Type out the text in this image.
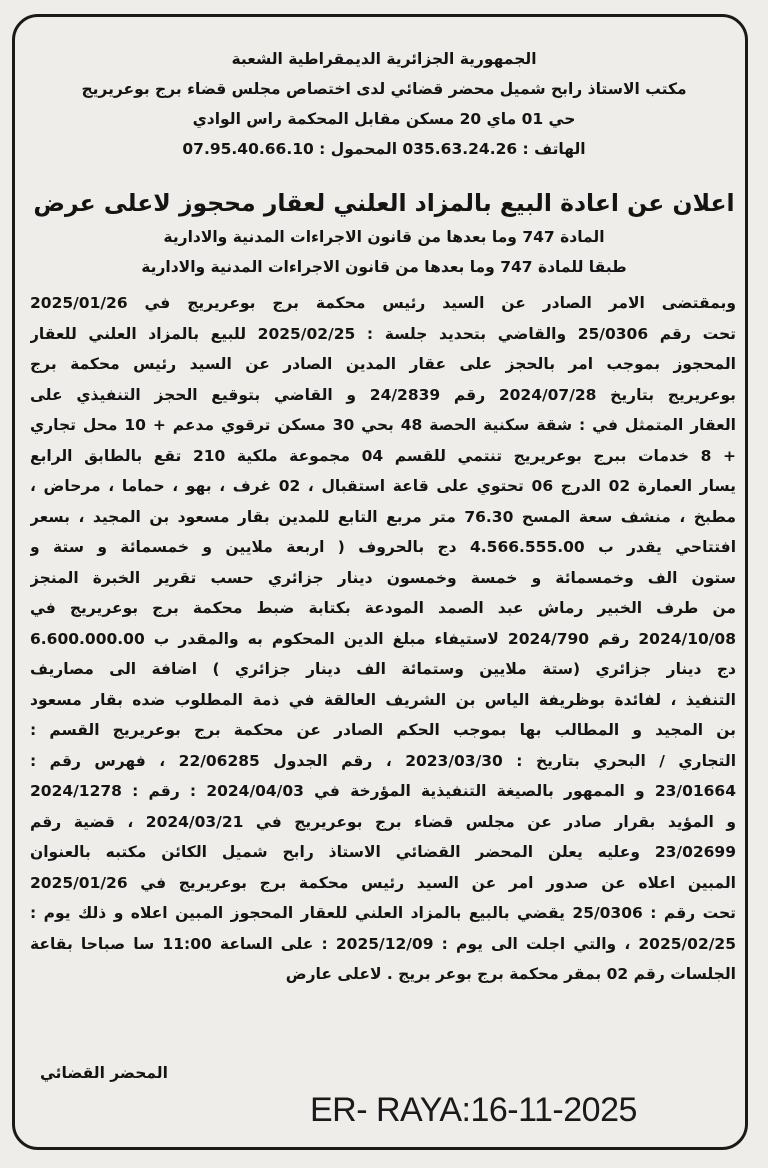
الجمهورية الجزائرية الديمقراطية الشعبة
مكتب الاستاذ رابح شميل محضر قضائي لدى اختصاص مجلس قضاء برج بوعريريج
حي 01 ماي 20 مسكن مقابل المحكمة راس الوادي
الهاتف : 035.63.24.26 المحمول : 07.95.40.66.10
اعلان عن اعادة البيع بالمزاد العلني لعقار محجوز لاعلى عرض
المادة 747 وما بعدها من قانون الاجراءات المدنية والادارية
طبقا للمادة 747 وما بعدها من قانون الاجراءات المدنية والادارية
وبمقتضى الامر الصادر عن السيد رئيس محكمة برج بوعريريج في 2025/01/26
تحت رقم 25/0306 والقاضي بتحديد جلسة : 2025/02/25 للبيع بالمزاد العلني للعقار
المحجوز بموجب امر بالحجز على عقار المدين الصادر عن السيد رئيس محكمة برج
بوعريريج بتاريخ 2024/07/28 رقم 24/2839 و القاضي بتوقيع الحجز التنفيذي على
العقار المتمثل في : شقة سكنية الحصة 48 بحي 30 مسكن ترقوي مدعم + 10 محل تجاري
+ 8 خدمات ببرج بوعريريج تنتمي للقسم 04 مجموعة ملكية 210 تقع بالطابق الرابع
يسار العمارة 02 الدرج 06 تحتوي على قاعة استقبال ، 02 غرف ، بهو ، حماما ، مرحاض ،
مطبخ ، منشف سعة المسح 76.30 متر مربع التابع للمدين بقار مسعود بن المجيد ، بسعر
افتتاحي يقدر ب 4.566.555.00 دج بالحروف ( اربعة ملايين و خمسمائة و ستة و
ستون الف وخمسمائة و خمسة وخمسون دينار جزائري حسب تقرير الخبرة المنجز
من طرف الخبير رماش عبد الصمد المودعة بكتابة ضبط محكمة برج بوعريريج في
2024/10/08 رقم 2024/790 لاستيفاء مبلغ الدين المحكوم به والمقدر ب 6.600.000.00
دج دينار جزائري (ستة ملايين وستمائة الف دينار جزائري ) اضافة الى مصاريف
التنفيذ ، لفائدة بوظريفة الياس بن الشريف العالقة في ذمة المطلوب ضده بقار مسعود
بن المجيد و المطالب بها بموجب الحكم الصادر عن محكمة برج بوعريريج القسم :
التجاري / البحري بتاريخ : 2023/03/30 ، رقم الجدول 22/06285 ، فهرس رقم :
23/01664 و الممهور بالصيغة التنفيذية المؤرخة في 2024/04/03 : رقم : 2024/1278
و المؤيد بقرار صادر عن مجلس قضاء برج بوعريريج في 2024/03/21 ، قضية رقم
23/02699 وعليه يعلن المحضر القضائي الاستاذ رابح شميل الكائن مكتبه بالعنوان
المبين اعلاه عن صدور امر عن السيد رئيس محكمة برج بوعريريج في 2025/01/26
تحت رقم : 25/0306 يقضي بالبيع بالمزاد العلني للعقار المحجوز المبين اعلاه و ذلك يوم :
2025/02/25 ، والتي اجلت الى يوم : 2025/12/09 : على الساعة 11:00 سا صباحا بقاعة
الجلسات رقم 02 بمقر محكمة برج بوعر بريج . لاعلى عارض
المحضر القضائي
ER- RAYA:16-11-2025
